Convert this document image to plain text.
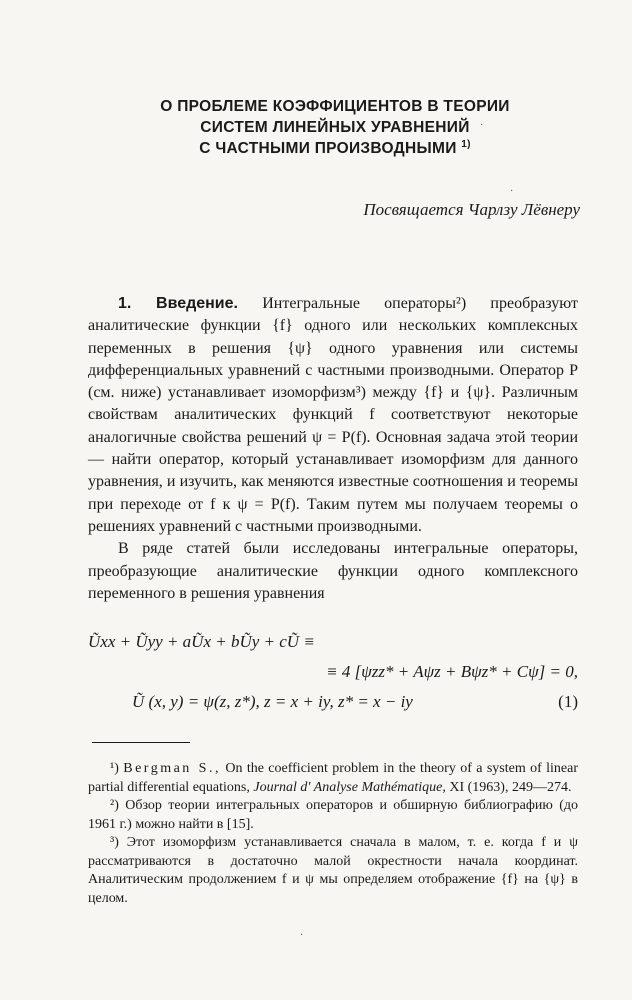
О ПРОБЛЕМЕ КОЭФФИЦИЕНТОВ В ТЕОРИИ
СИСТЕМ ЛИНЕЙНЫХ УРАВНЕНИЙ
С ЧАСТНЫМИ ПРОИЗВОДНЫМИ $^{1)}$
Посвящается Чарлзу Лёвнеру

1. Введение. Интегральные операторы²) преобразуют аналитические функции {f} одного или нескольких комплексных переменных в решения {ψ} одного уравнения или системы дифференциальных уравнений с частными производными. Оператор P (см. ниже) устанавливает изоморфизм³) между {f} и {ψ}. Различным свойствам аналитических функций f соответствуют некоторые аналогичные свойства решений ψ = P(f). Основная задача этой теории — найти оператор, который устанавливает изоморфизм для данного уравнения, и изучить, как меняются известные соотношения и теоремы при переходе от f к ψ = P(f). Таким путем мы получаем теоремы о решениях уравнений с частными производными.

В ряде статей были исследованы интегральные операторы, преобразующие аналитические функции одного комплексного переменного в решения уравнения

Ũxx + Ũyy + aŨx + bŨy + cŨ ≡
≡ 4 [ψzz* + Aψz + Bψz* + Cψ] = 0,
Ũ (x, y) = ψ(z, z*), z = x + iy, z* = x − iy	(1)

¹) Bergman S., On the coefficient problem in the theory of a system of linear partial differential equations, Journal d' Analyse Mathématique, XI (1963), 249—274.

²) Обзор теории интегральных операторов и обширную библиографию (до 1961 г.) можно найти в [15].

³) Этот изоморфизм устанавливается сначала в малом, т. е. когда f и ψ рассматриваются в достаточно малой окрестности начала координат. Аналитическим продолжением f и ψ мы определяем отображение {f} на {ψ} в целом.

·
·
·
